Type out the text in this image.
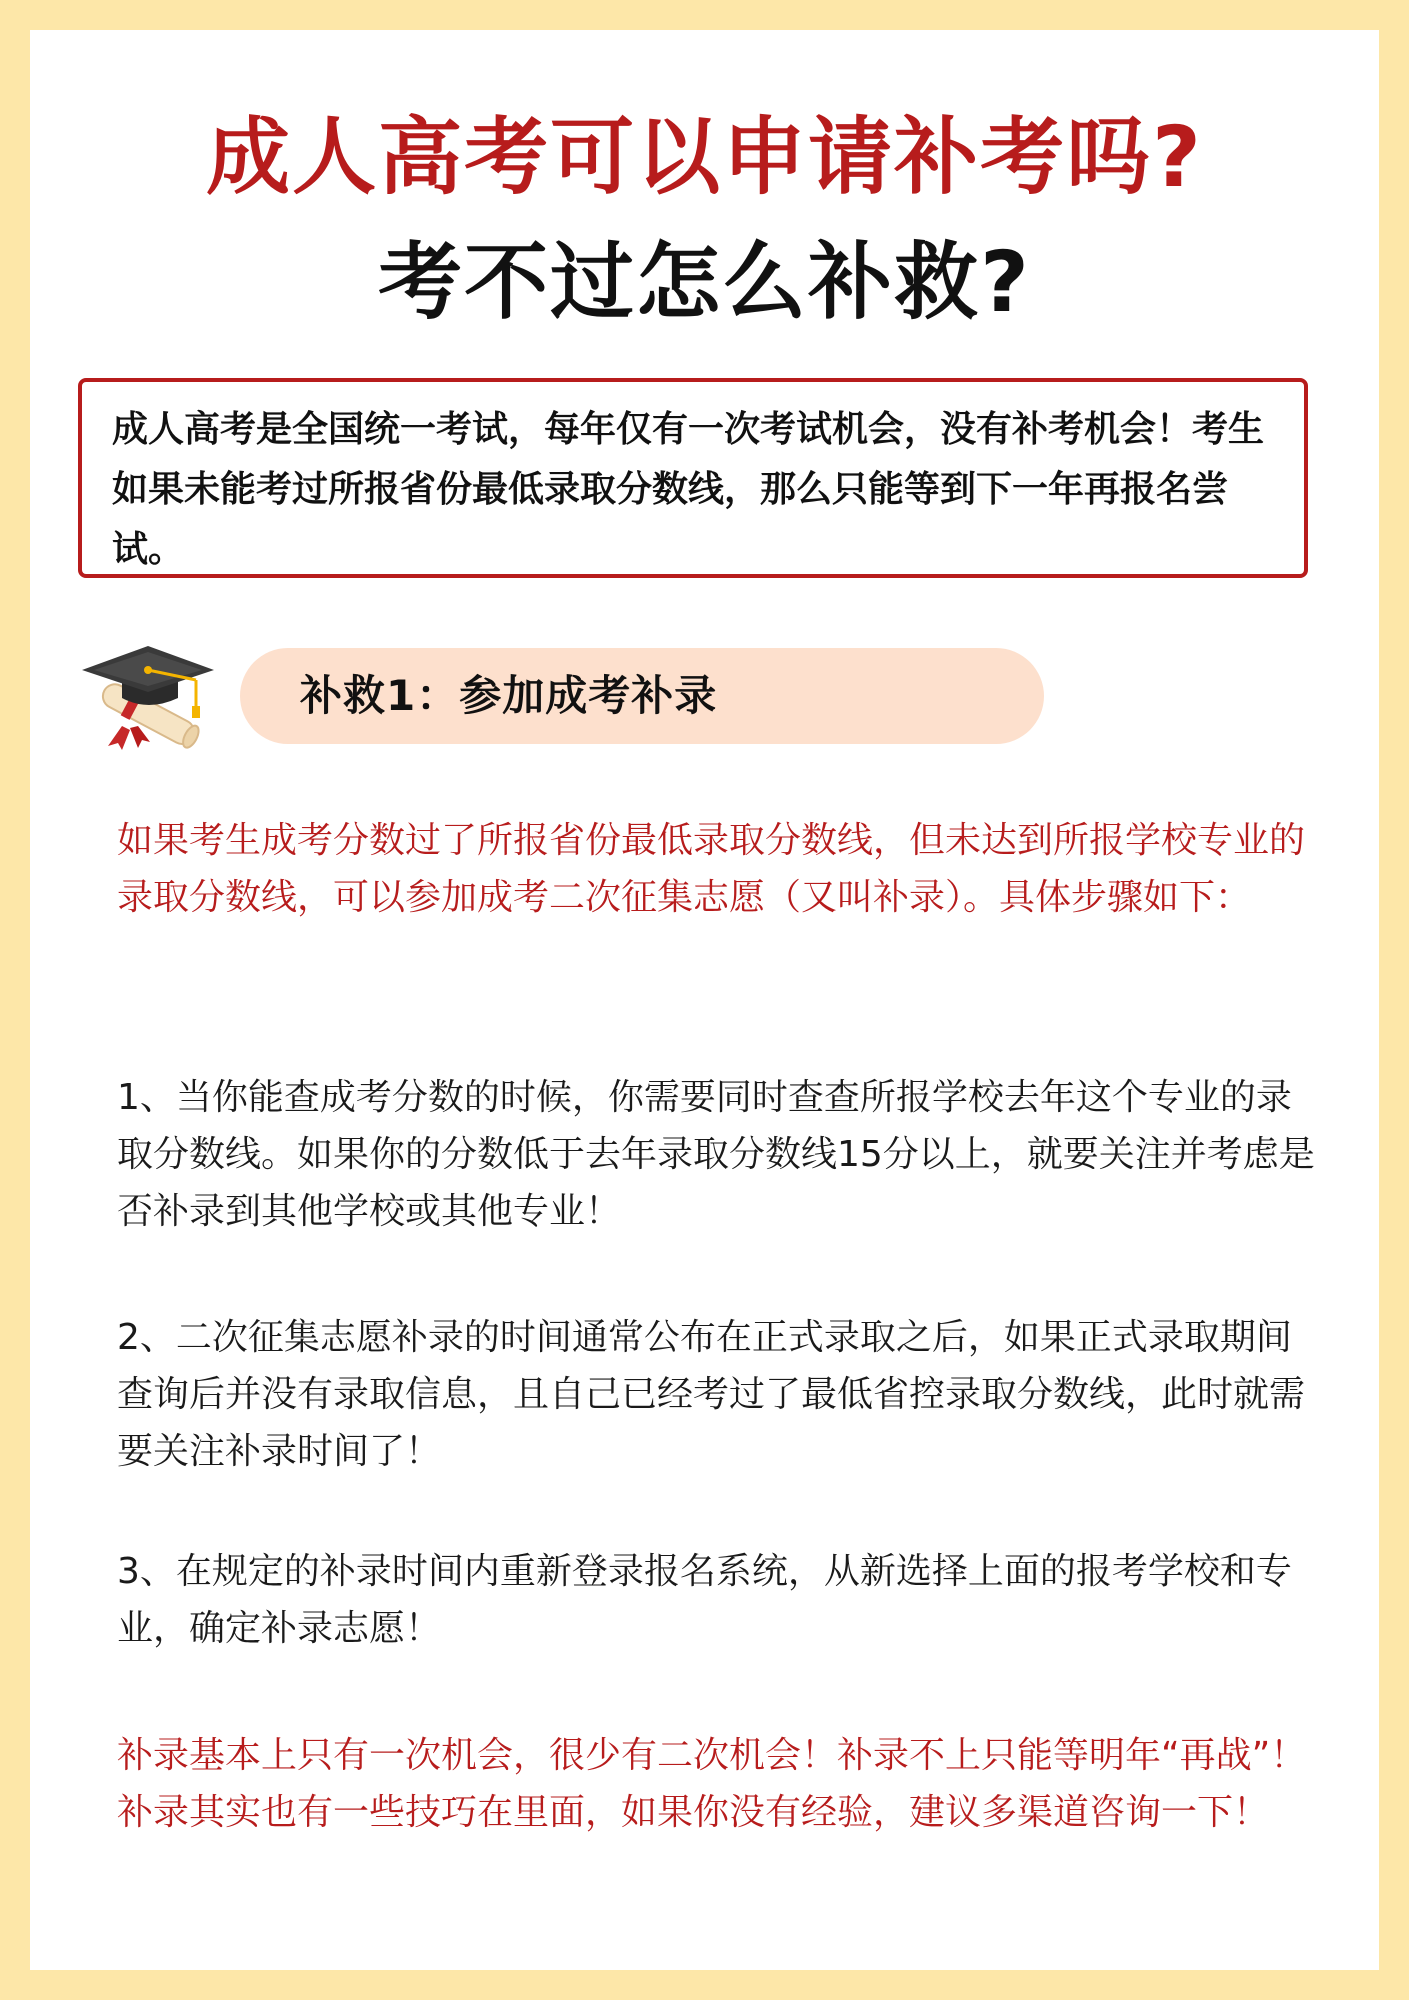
成人高考可以申请补考吗?
考不过怎么补救?

成人高考是全国统一考试，每年仅有一次考试机会，没有补考机会！考生如果未能考过所报省份最低录取分数线，那么只能等到下一年再报名尝试。

补救1：参加成考补录

如果考生成考分数过了所报省份最低录取分数线，但未达到所报学校专业的录取分数线，可以参加成考二次征集志愿（又叫补录）。具体步骤如下：

1、当你能查成考分数的时候，你需要同时查查所报学校去年这个专业的录取分数线。如果你的分数低于去年录取分数线15分以上，就要关注并考虑是否补录到其他学校或其他专业！

2、二次征集志愿补录的时间通常公布在正式录取之后，如果正式录取期间查询后并没有录取信息，且自己已经考过了最低省控录取分数线，此时就需要关注补录时间了！

3、在规定的补录时间内重新登录报名系统，从新选择上面的报考学校和专业，确定补录志愿！

补录基本上只有一次机会，很少有二次机会！补录不上只能等明年“再战”！补录其实也有一些技巧在里面，如果你没有经验，建议多渠道咨询一下！
